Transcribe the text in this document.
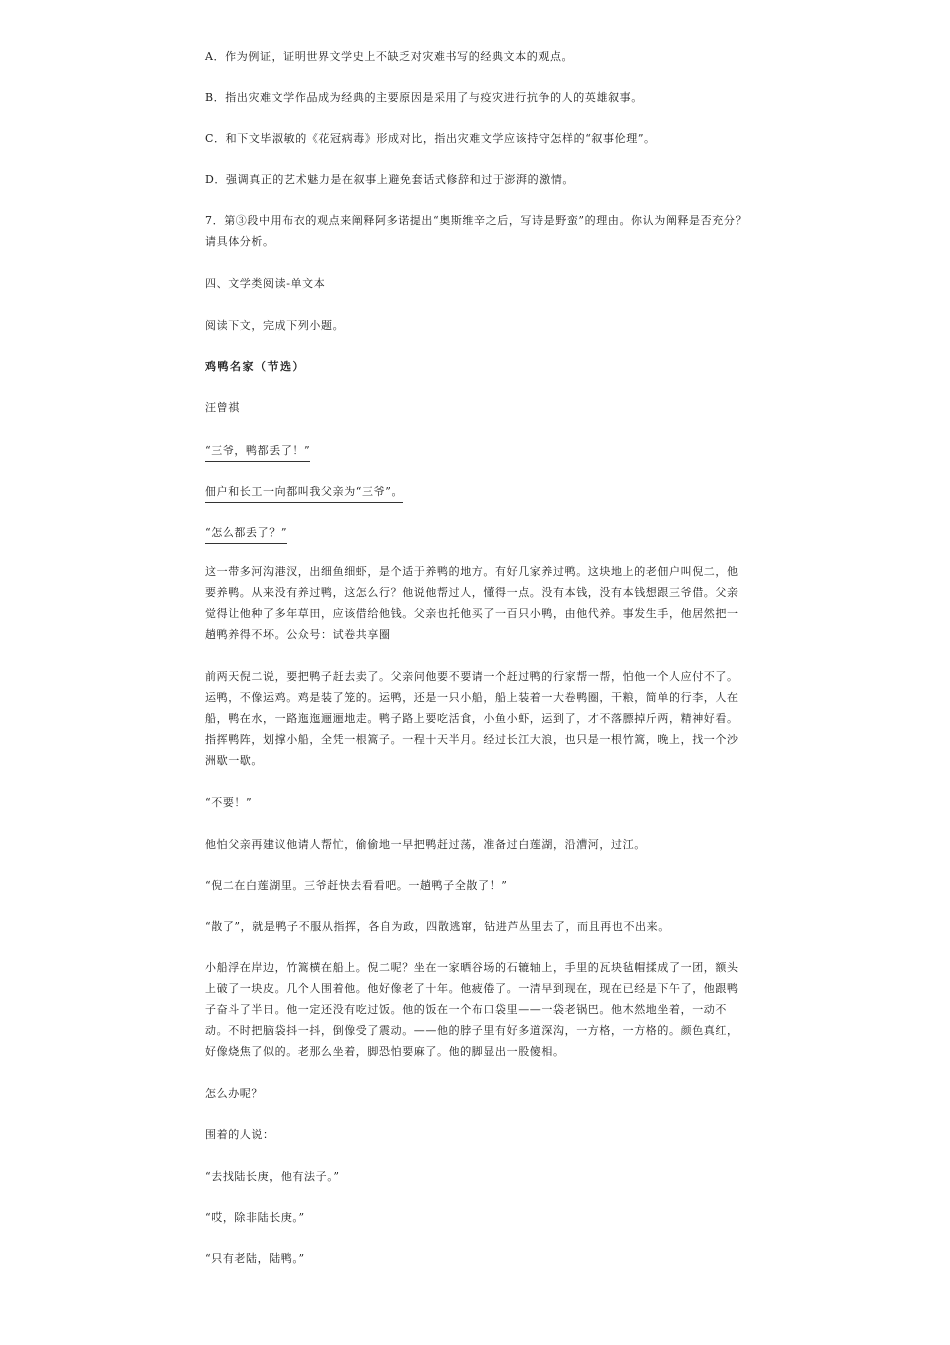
A．作为例证，证明世界文学史上不缺乏对灾难书写的经典文本的观点。

B．指出灾难文学作品成为经典的主要原因是采用了与疫灾进行抗争的人的英雄叙事。

C．和下文毕淑敏的《花冠病毒》形成对比，指出灾难文学应该持守怎样的“叙事伦理”。

D．强调真正的艺术魅力是在叙事上避免套话式修辞和过于澎湃的激情。

7．第③段中用布衣的观点来阐释阿多诺提出“奥斯维辛之后，写诗是野蛮”的理由。你认为阐释是否充分？
请具体分析。

四、文学类阅读-单文本

阅读下文，完成下列小题。

鸡鸭名家（节选）

汪曾祺

“三爷，鸭都丢了！”

佃户和长工一向都叫我父亲为“三爷”。

“怎么都丢了？”

这一带多河沟港汊，出细鱼细虾，是个适于养鸭的地方。有好几家养过鸭。这块地上的老佃户叫倪二，他
要养鸭。从来没有养过鸭，这怎么行？他说他帮过人，懂得一点。没有本钱，没有本钱想跟三爷借。父亲
觉得让他种了多年草田，应该借给他钱。父亲也托他买了一百只小鸭，由他代养。事发生手，他居然把一
趟鸭养得不坏。公众号：试卷共享圈
前两天倪二说，要把鸭子赶去卖了。父亲问他要不要请一个赶过鸭的行家帮一帮，怕他一个人应付不了。
运鸭，不像运鸡。鸡是装了笼的。运鸭，还是一只小船，船上装着一大卷鸭圈，干粮，简单的行李，人在
船，鸭在水，一路迤迤逦逦地走。鸭子路上要吃活食，小鱼小虾，运到了，才不落膘掉斤两，精神好看。
指挥鸭阵，划撑小船，全凭一根篙子。一程十天半月。经过长江大浪，也只是一根竹篙，晚上，找一个沙
洲歇一歇。

“不要！”

他怕父亲再建议他请人帮忙，偷偷地一早把鸭赶过荡，准备过白莲湖，沿漕河，过江。

“倪二在白莲湖里。三爷赶快去看看吧。一趟鸭子全散了！”

“散了”，就是鸭子不服从指挥，各自为政，四散逃窜，钻进芦丛里去了，而且再也不出来。

小船浮在岸边，竹篙横在船上。倪二呢？坐在一家晒谷场的石辘轴上，手里的瓦块毡帽揉成了一团，额头
上破了一块皮。几个人围着他。他好像老了十年。他疲倦了。一清早到现在，现在已经是下午了，他跟鸭
子奋斗了半日。他一定还没有吃过饭。他的饭在一个布口袋里——一袋老锅巴。他木然地坐着，一动不
动。不时把脑袋抖一抖，倒像受了震动。——他的脖子里有好多道深沟，一方格，一方格的。颜色真红，
好像烧焦了似的。老那么坐着，脚恐怕要麻了。他的脚显出一股傻相。

怎么办呢？

围着的人说：

“去找陆长庚，他有法子。”

“哎，除非陆长庚。”

“只有老陆，陆鸭。”
